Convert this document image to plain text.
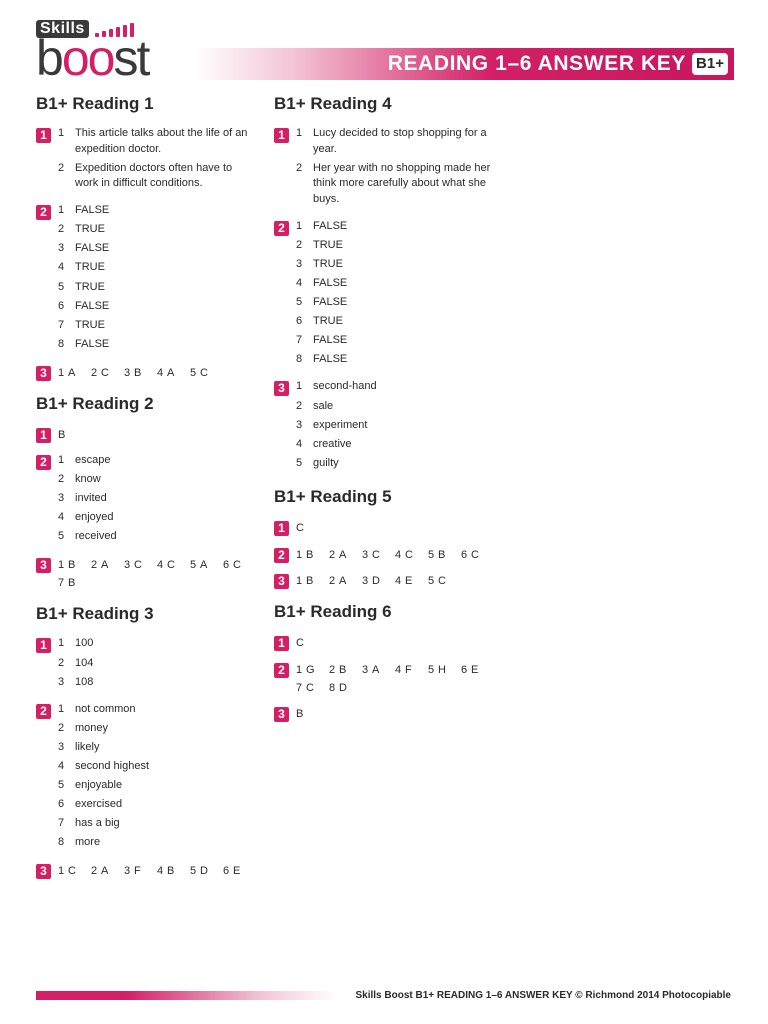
Skills
boost	READING 1–6 ANSWER KEY B1+
B1+ Reading 1
1	1 This article talks about the life of an expedition doctor.
2 Expedition doctors often have to work in difficult conditions.
2	1 FALSE
2 TRUE
3 FALSE
4 TRUE
5 TRUE
6 FALSE
7 TRUE
8 FALSE
3	1 A 2 C 3 B 4 A 5 C
B1+ Reading 2
1	B
2	1 escape
2 know
3 invited
4 enjoyed
5 received
3	1 B 2 A 3 C 4 C 5 A 6 C
7 B
B1+ Reading 3
1	1 100
2 104
3 108
2	1 not common
2 money
3 likely
4 second highest
5 enjoyable
6 exercised
7 has a big
8 more
3	1 C 2 A 3 F 4 B 5 D 6 E
B1+ Reading 4
1	1 Lucy decided to stop shopping for a year.
2 Her year with no shopping made her think more carefully about what she buys.
2	1 FALSE
2 TRUE
3 TRUE
4 FALSE
5 FALSE
6 TRUE
7 FALSE
8 FALSE
3	1 second-hand
2 sale
3 experiment
4 creative
5 guilty
B1+ Reading 5
1	C
2	1 B 2 A 3 C 4 C 5 B 6 C
3	1 B 2 A 3 D 4 E 5 C
B1+ Reading 6
1	C
2	1 G 2 B 3 A 4 F 5 H 6 E
7 C 8 D
3	B
Skills Boost B1+ READING 1–6 ANSWER KEY © Richmond 2014 Photocopiable
